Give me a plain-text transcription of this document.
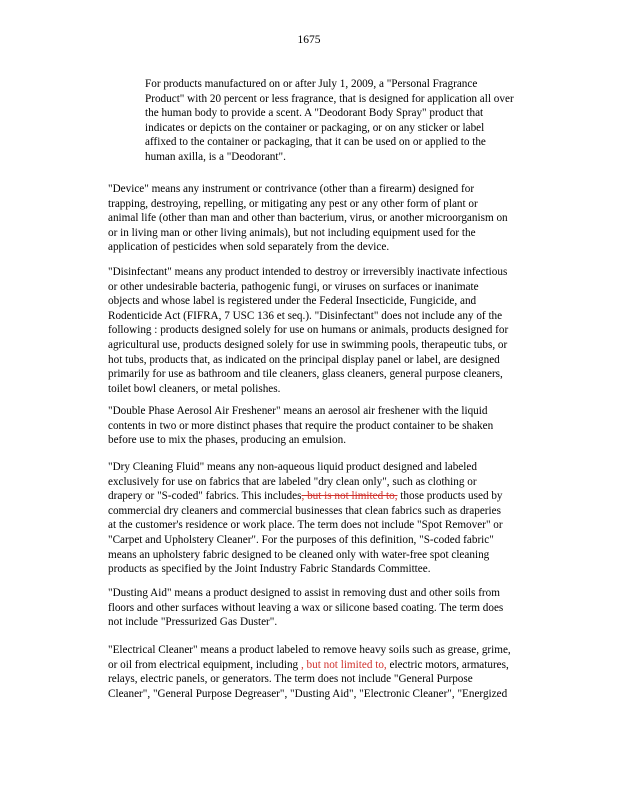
1675

For products manufactured on or after July 1, 2009, a "Personal Fragrance
Product" with 20 percent or less fragrance, that is designed for application all over
the human body to provide a scent. A "Deodorant Body Spray" product that
indicates or depicts on the container or packaging, or on any sticker or label
affixed to the container or packaging, that it can be used on or applied to the
human axilla, is a "Deodorant".

"Device" means any instrument or contrivance (other than a firearm) designed for
trapping, destroying, repelling, or mitigating any pest or any other form of plant or
animal life (other than man and other than bacterium, virus, or another microorganism on
or in living man or other living animals), but not including equipment used for the
application of pesticides when sold separately from the device.

"Disinfectant" means any product intended to destroy or irreversibly inactivate infectious
or other undesirable bacteria, pathogenic fungi, or viruses on surfaces or inanimate
objects and whose label is registered under the Federal Insecticide, Fungicide, and
Rodenticide Act (FIFRA, 7 USC 136 et seq.). "Disinfectant" does not include any of the
following : products designed solely for use on humans or animals, products designed for
agricultural use, products designed solely for use in swimming pools, therapeutic tubs, or
hot tubs, products that, as indicated on the principal display panel or label, are designed
primarily for use as bathroom and tile cleaners, glass cleaners, general purpose cleaners,
toilet bowl cleaners, or metal polishes.

"Double Phase Aerosol Air Freshener" means an aerosol air freshener with the liquid
contents in two or more distinct phases that require the product container to be shaken
before use to mix the phases, producing an emulsion.

"Dry Cleaning Fluid" means any non-aqueous liquid product designed and labeled
exclusively for use on fabrics that are labeled "dry clean only", such as clothing or
drapery or "S-coded" fabrics. This includes, but is not limited to, those products used by
commercial dry cleaners and commercial businesses that clean fabrics such as draperies
at the customer's residence or work place. The term does not include "Spot Remover" or
"Carpet and Upholstery Cleaner". For the purposes of this definition, "S-coded fabric"
means an upholstery fabric designed to be cleaned only with water-free spot cleaning
products as specified by the Joint Industry Fabric Standards Committee.

"Dusting Aid" means a product designed to assist in removing dust and other soils from
floors and other surfaces without leaving a wax or silicone based coating. The term does
not include "Pressurized Gas Duster".

"Electrical Cleaner" means a product labeled to remove heavy soils such as grease, grime,
or oil from electrical equipment, including , but not limited to, electric motors, armatures,
relays, electric panels, or generators. The term does not include "General Purpose
Cleaner", "General Purpose Degreaser", "Dusting Aid", "Electronic Cleaner", "Energized
